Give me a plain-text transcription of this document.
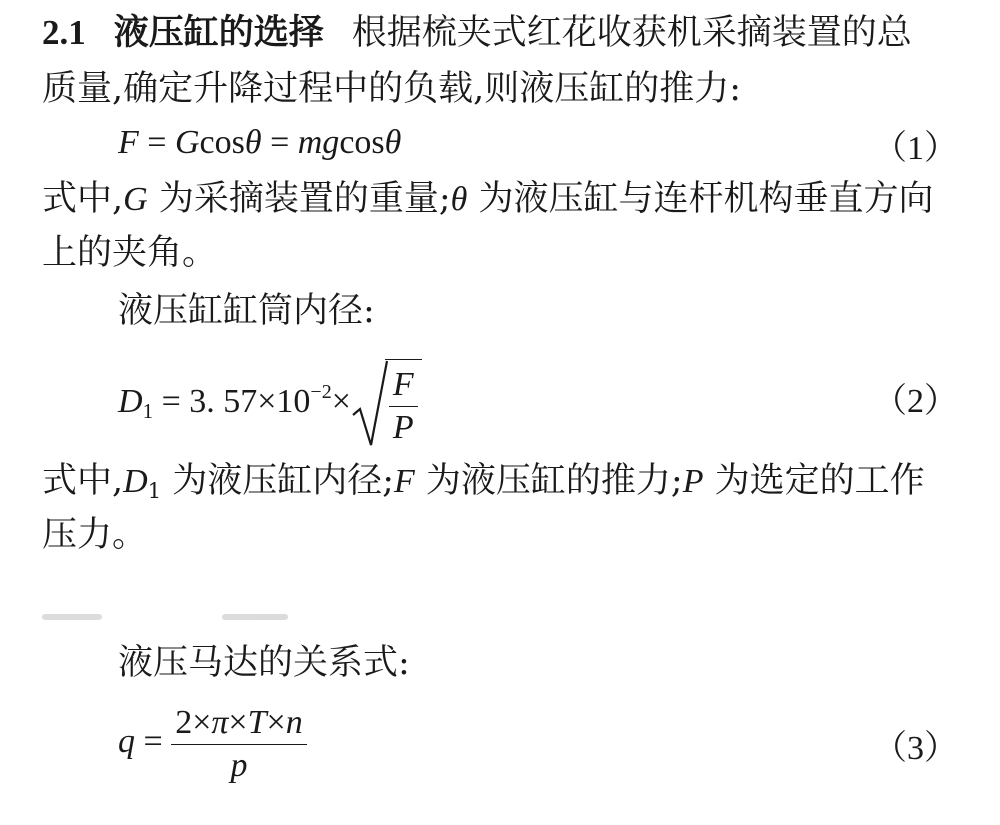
2.1 液压缸的选择 根据梳夹式红花收获机采摘装置的总
质量,确定升降过程中的负载,则液压缸的推力:
F = Gcosθ = mgcosθ	（1）
式中,G 为采摘装置的重量;θ 为液压缸与连杆机构垂直方向
上的夹角。
液压缸缸筒内径:
$D_1 = 3$. $57\times 10^{-2}\times \frac{F}{P}$	（2）
式中$,D_1$ 为液压缸内径;F 为液压缸的推力;P 为选定的工作
压力。
液压马达的关系式:
$q = \frac{2\times\pi\times T\times n}{p}$	（3）
